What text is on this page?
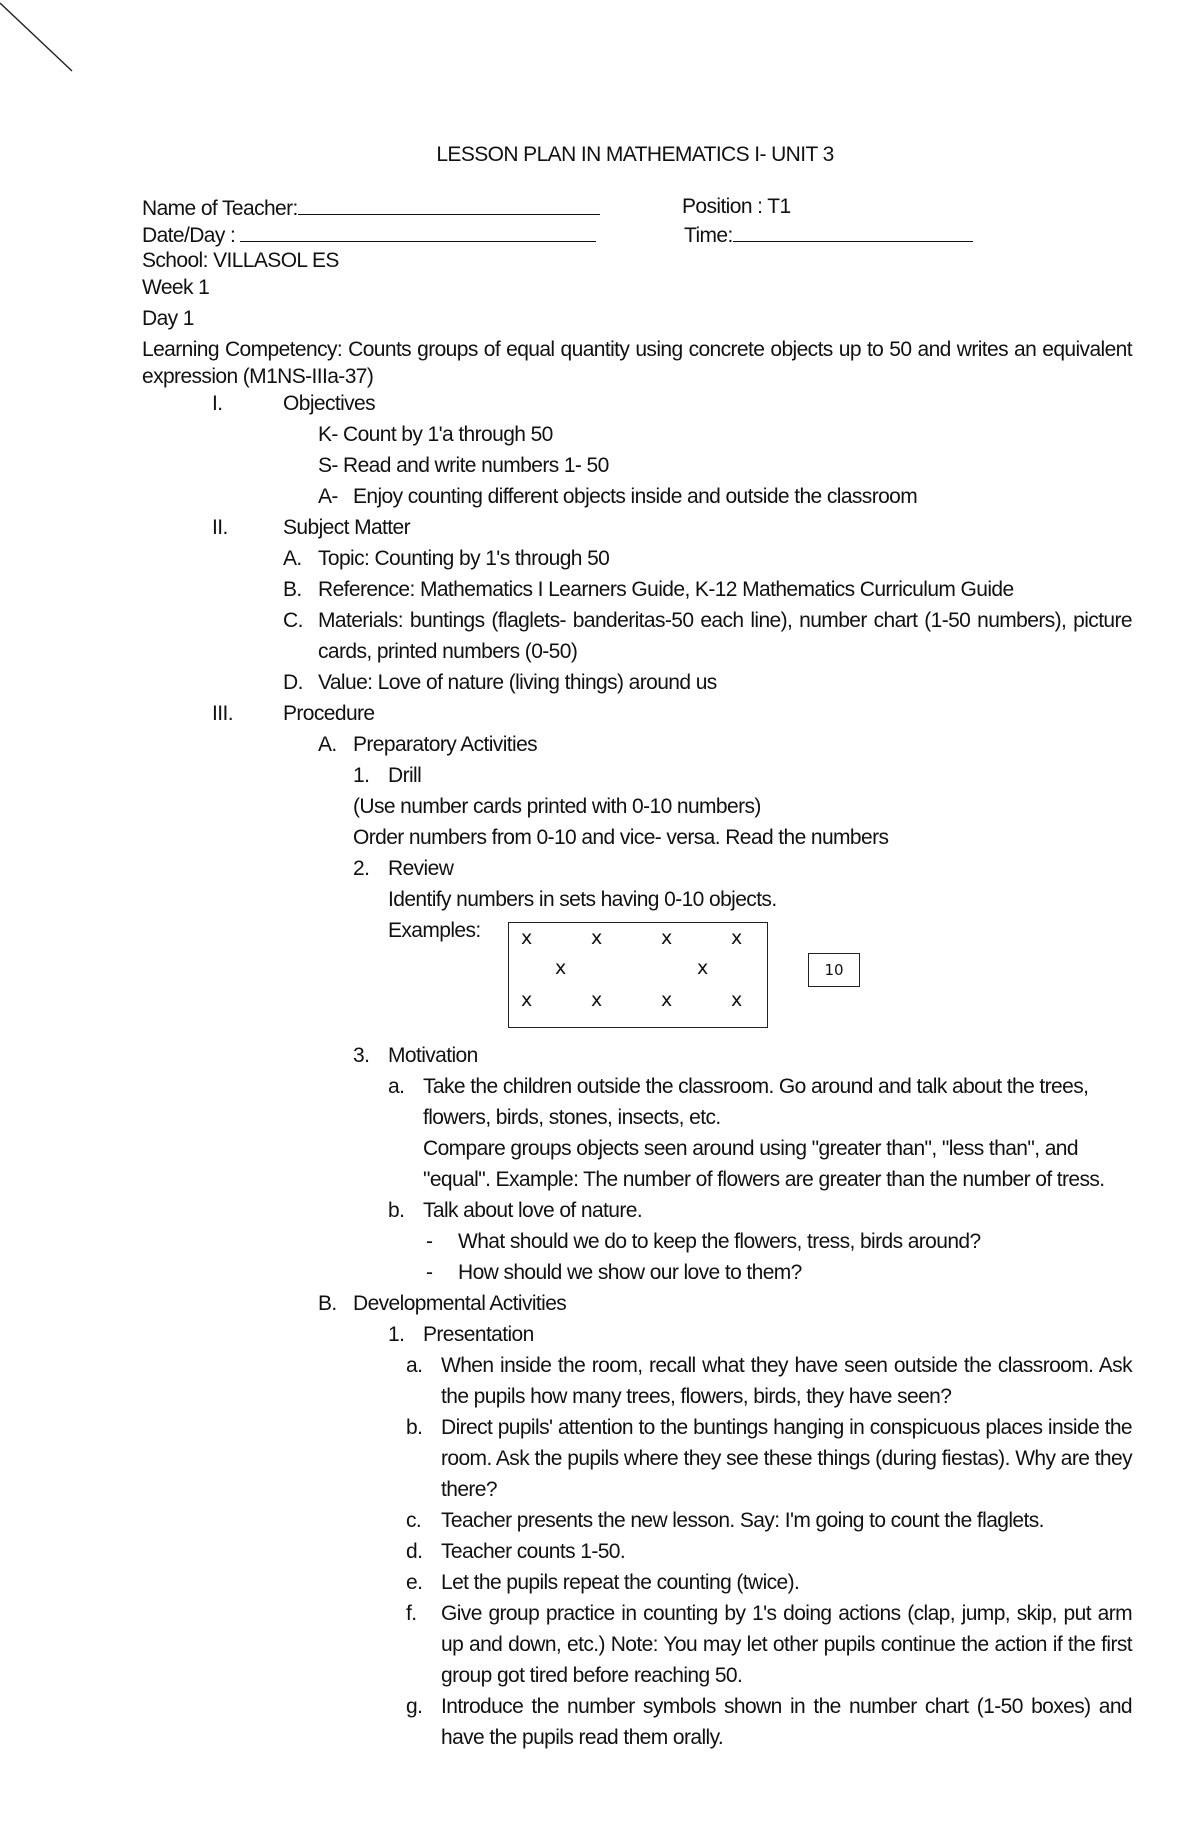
LESSON PLAN IN MATHEMATICS I- UNIT 3
Name of Teacher:	Position : T1
Date/Day :	Time:
School: VILLASOL ES
Week 1
Day 1
Learning Competency: Counts groups of equal quantity using concrete objects up to 50 and writes an equivalent
expression (M1NS-IIIa-37)
I.	Objectives
K- Count by 1'a through 50
S- Read and write numbers 1- 50
A- Enjoy counting different objects inside and outside the classroom
II.	Subject Matter
A. Topic: Counting by 1's through 50
B. Reference: Mathematics I Learners Guide, K-12 Mathematics Curriculum Guide
C. Materials: buntings (flaglets- banderitas-50 each line), number chart (1-50 numbers), picture
cards, printed numbers (0-50)
D. Value: Love of nature (living things) around us
III. Procedure
A. Preparatory Activities
1. Drill
(Use number cards printed with 0-10 numbers)
Order numbers from 0-10 and vice- versa. Read the numbers
2. Review
Identify numbers in sets having 0-10 objects.
Examples: x	x	x	x
x	x
x	x	x	x
10
3. Motivation
a. Take the children outside the classroom. Go around and talk about the trees,
flowers, birds, stones, insects, etc.
Compare groups objects seen around using "greater than", "less than", and
"equal". Example: The number of flowers are greater than the number of tress.
b. Talk about love of nature.
- What should we do to keep the flowers, tress, birds around?
- How should we show our love to them?
B. Developmental Activities
1. Presentation
a. When inside the room, recall what they have seen outside the classroom. Ask
the pupils how many trees, flowers, birds, they have seen?
b. Direct pupils' attention to the buntings hanging in conspicuous places inside the
room. Ask the pupils where they see these things (during fiestas). Why are they
there?
c. Teacher presents the new lesson. Say: I'm going to count the flaglets.
d. Teacher counts 1-50.
e. Let the pupils repeat the counting (twice).
f. Give group practice in counting by 1's doing actions (clap, jump, skip, put arm
up and down, etc.) Note: You may let other pupils continue the action if the first
group got tired before reaching 50.
g. Introduce the number symbols shown in the number chart (1-50 boxes) and
have the pupils read them orally.
